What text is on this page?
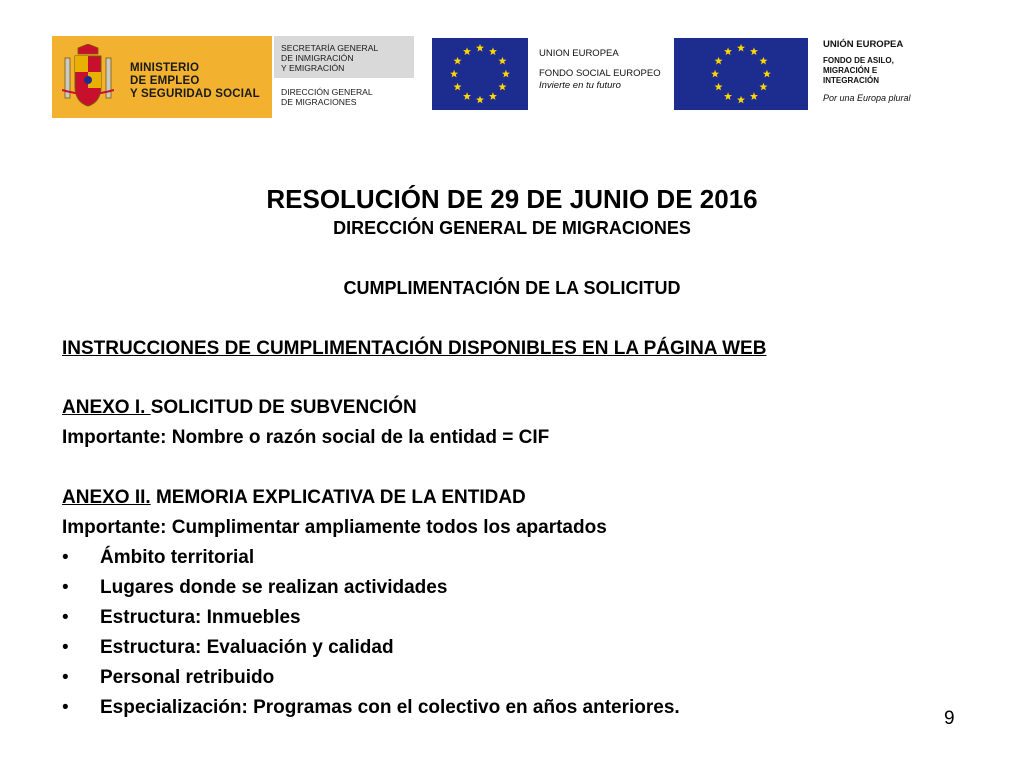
MINISTERIO
DE EMPLEO
Y SEGURIDAD SOCIAL
SECRETARÍA GENERAL
DE INMIGRACIÓN
Y EMIGRACIÓN
DIRECCIÓN GENERAL
DE MIGRACIONES
UNION EUROPEA
FONDO SOCIAL EUROPEO
Invierte en tu futuro
UNIÓN EUROPEA
FONDO DE ASILO,
MIGRACIÓN E
INTEGRACIÓN
Por una Europa plural
RESOLUCIÓN DE 29 DE JUNIO DE 2016
DIRECCIÓN GENERAL DE MIGRACIONES
CUMPLIMENTACIÓN DE LA SOLICITUD
INSTRUCCIONES DE CUMPLIMENTACIÓN DISPONIBLES EN LA PÁGINA WEB
ANEXO I. SOLICITUD DE SUBVENCIÓN
Importante: Nombre o razón social de la entidad = CIF
ANEXO II. MEMORIA EXPLICATIVA DE LA ENTIDAD
Importante: Cumplimentar ampliamente todos los apartados
• Ámbito territorial
• Lugares donde se realizan actividades
• Estructura: Inmuebles
• Estructura: Evaluación y calidad
• Personal retribuido
• Especialización: Programas con el colectivo en años anteriores.
9
